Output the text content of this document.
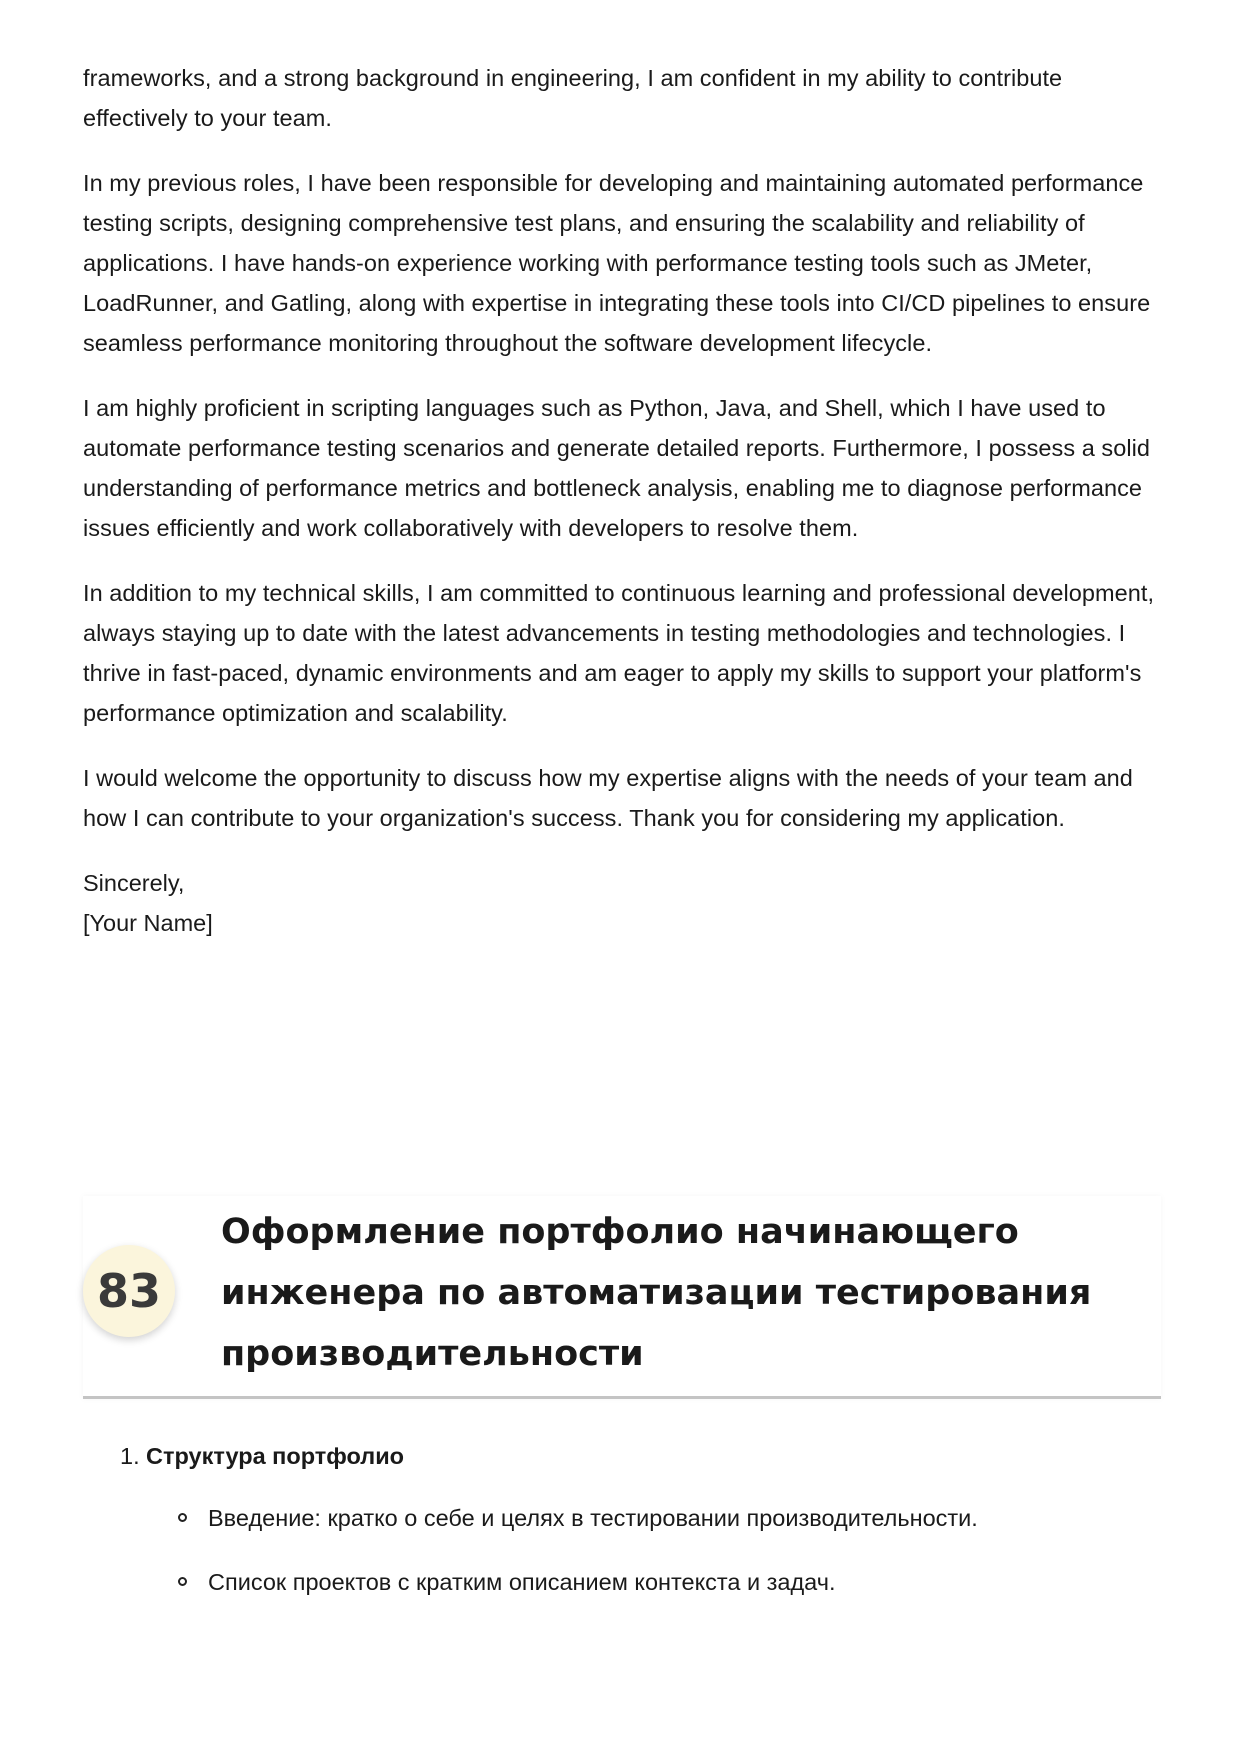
frameworks, and a strong background in engineering, I am confident in my ability to contribute effectively to your team.

In my previous roles, I have been responsible for developing and maintaining automated performance testing scripts, designing comprehensive test plans, and ensuring the scalability and reliability of applications. I have hands-on experience working with performance testing tools such as JMeter, LoadRunner, and Gatling, along with expertise in integrating these tools into CI/CD pipelines to ensure seamless performance monitoring throughout the software development lifecycle.

I am highly proficient in scripting languages such as Python, Java, and Shell, which I have used to automate performance testing scenarios and generate detailed reports. Furthermore, I possess a solid understanding of performance metrics and bottleneck analysis, enabling me to diagnose performance issues efficiently and work collaboratively with developers to resolve them.

In addition to my technical skills, I am committed to continuous learning and professional development, always staying up to date with the latest advancements in testing methodologies and technologies. I thrive in fast-paced, dynamic environments and am eager to apply my skills to support your platform's performance optimization and scalability.

I would welcome the opportunity to discuss how my expertise aligns with the needs of your team and how I can contribute to your organization's success. Thank you for considering my application.

Sincerely,
[Your Name]

83
Оформление портфолио начинающего инженера по автоматизации тестирования производительности
1. Структура портфолио
Введение: кратко о себе и целях в тестировании производительности.
Список проектов с кратким описанием контекста и задач.
